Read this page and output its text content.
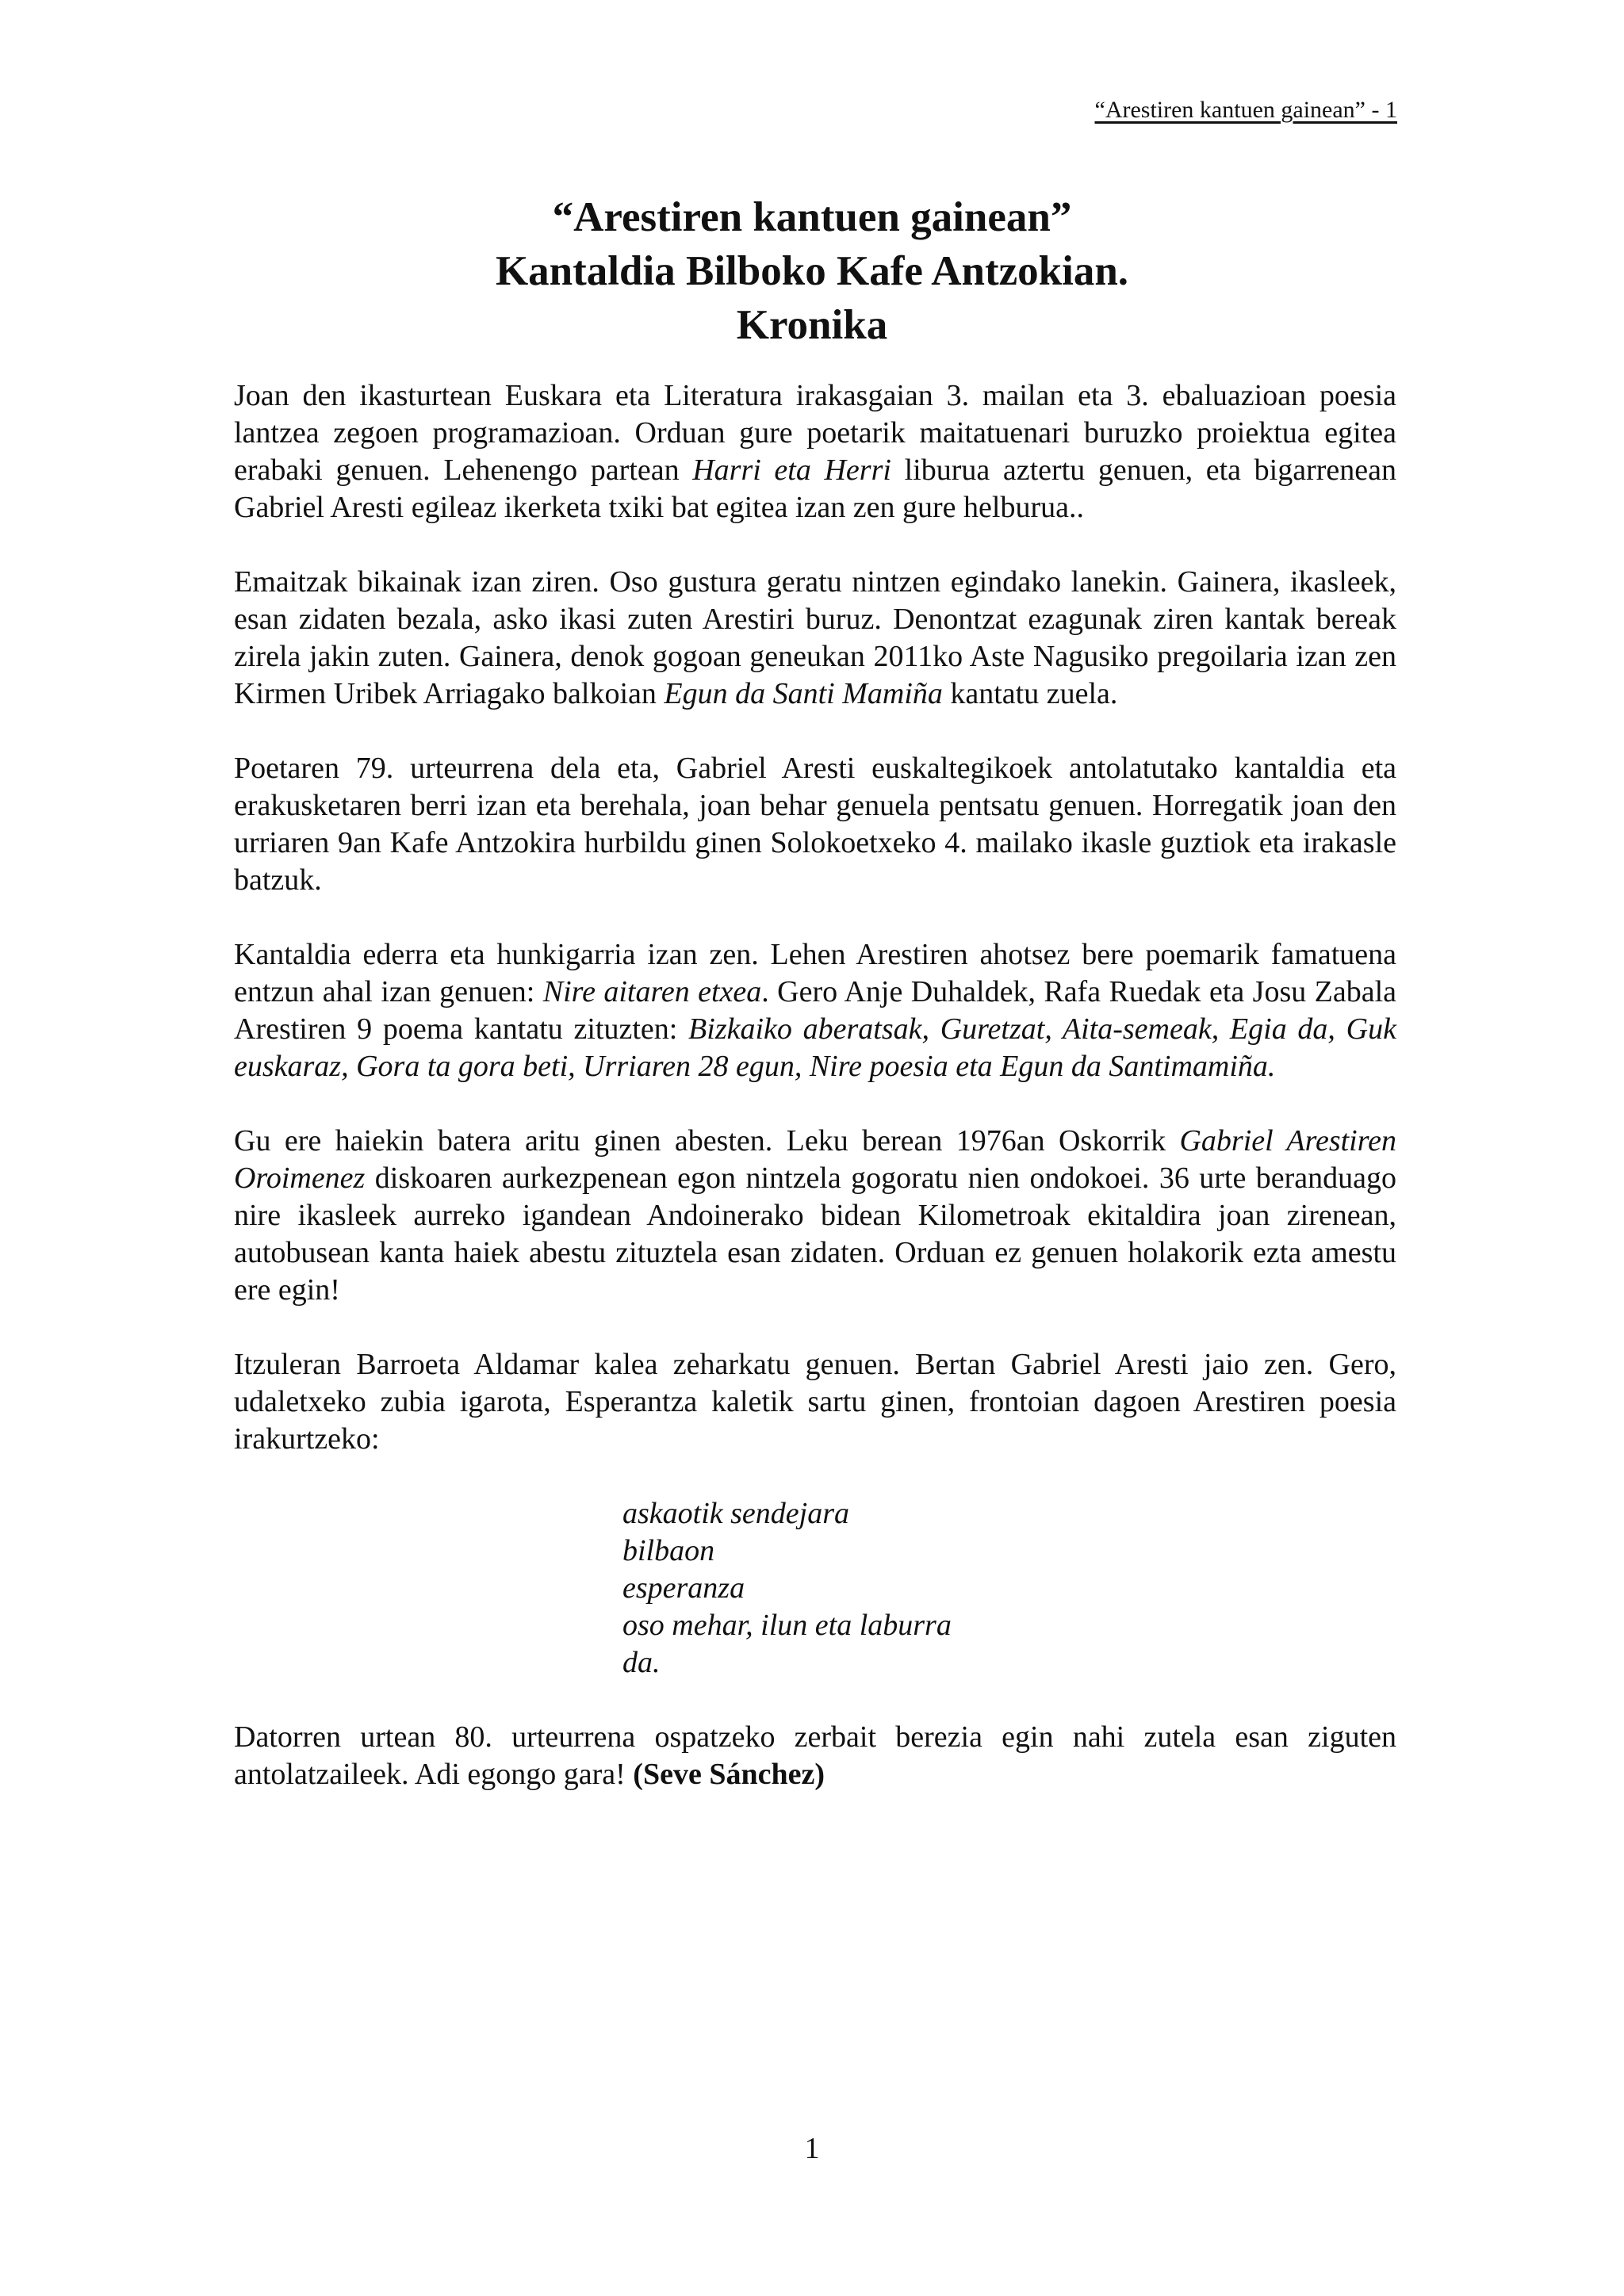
“Arestiren kantuen gainean” - 1
“Arestiren kantuen gainean”
Kantaldia Bilboko Kafe Antzokian.
Kronika

Joan den ikasturtean Euskara eta Literatura irakasgaian 3. mailan eta 3. ebaluazioan poesia lantzea zegoen programazioan. Orduan gure poetarik maitatuenari buruzko proiektua egitea erabaki genuen. Lehenengo partean Harri eta Herri liburua aztertu genuen, eta bigarrenean Gabriel Aresti egileaz ikerketa txiki bat egitea izan zen gure helburua..

Emaitzak bikainak izan ziren. Oso gustura geratu nintzen egindako lanekin. Gainera, ikasleek, esan zidaten bezala, asko ikasi zuten Arestiri buruz. Denontzat ezagunak ziren kantak bereak zirela jakin zuten. Gainera, denok gogoan geneukan 2011ko Aste Nagusiko pregoilaria izan zen Kirmen Uribek Arriagako balkoian Egun da Santi Mamiña kantatu zuela.

Poetaren 79. urteurrena dela eta, Gabriel Aresti euskaltegikoek antolatutako kantaldia eta erakusketaren berri izan eta berehala, joan behar genuela pentsatu genuen. Horregatik joan den urriaren 9an Kafe Antzokira hurbildu ginen Solokoetxeko 4. mailako ikasle guztiok eta irakasle batzuk.

Kantaldia ederra eta hunkigarria izan zen. Lehen Arestiren ahotsez bere poemarik famatuena entzun ahal izan genuen: Nire aitaren etxea. Gero Anje Duhaldek, Rafa Ruedak eta Josu Zabala Arestiren 9 poema kantatu zituzten: Bizkaiko aberatsak, Guretzat, Aita-semeak, Egia da, Guk euskaraz, Gora ta gora beti, Urriaren 28 egun, Nire poesia eta Egun da Santimamiña.

Gu ere haiekin batera aritu ginen abesten. Leku berean 1976an Oskorrik Gabriel Arestiren Oroimenez diskoaren aurkezpenean egon nintzela gogoratu nien ondokoei. 36 urte beranduago nire ikasleek aurreko igandean Andoinerako bidean Kilometroak ekitaldira joan zirenean, autobusean kanta haiek abestu zituztela esan zidaten. Orduan ez genuen holakorik ezta amestu ere egin!

Itzuleran Barroeta Aldamar kalea zeharkatu genuen. Bertan Gabriel Aresti jaio zen. Gero, udaletxeko zubia igarota, Esperantza kaletik sartu ginen, frontoian dagoen Arestiren poesia irakurtzeko:

askaotik sendejara
bilbaon
esperanza
oso mehar, ilun eta laburra
da.

Datorren urtean 80. urteurrena ospatzeko zerbait berezia egin nahi zutela esan ziguten antolatzaileek. Adi egongo gara! (Seve Sánchez)

1
